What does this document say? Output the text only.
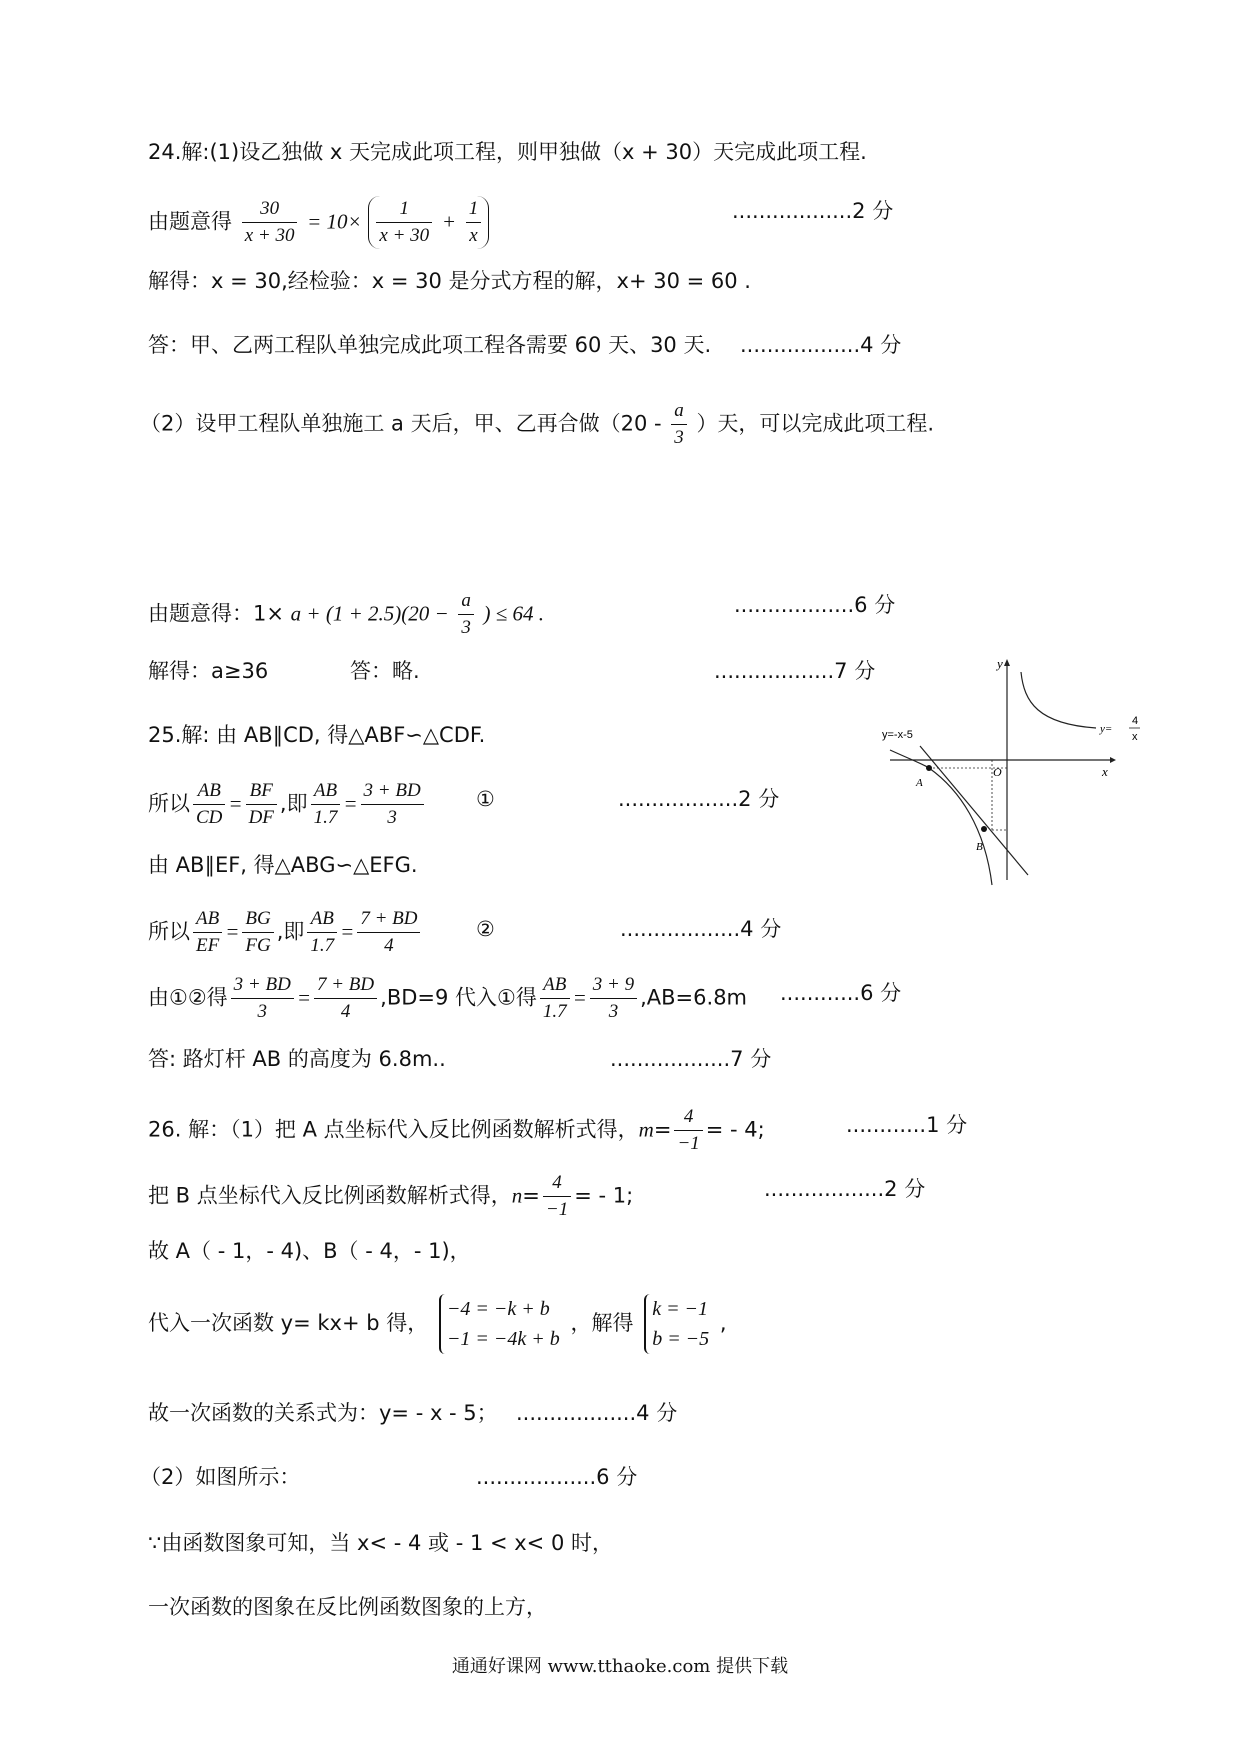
24.解:(1)设乙独做 x 天完成此项工程，则甲独做（x + 30）天完成此项工程.
由题意得 $\frac{30}{x + 30} = 10\times \frac{1}{x + 30} + \frac{1}{x}$	..................2 分
解得：x = 30,经检验：x = 30 是分式方程的解，x+ 30 = 60 .
答：甲、乙两工程队单独完成此项工程各需要 60 天、30 天. ..................4 分
（2）设甲工程队单独施工 a 天后，甲、乙再合做（$20 - \frac{a}{3}$ ）天，可以完成此项工程.
由题意得：$1\times a + (1 + 2.5)(20 - \frac{a}{3}$ ) ≤ 64 .	..................6 分
解得：a≥36	答：略.	..................7 分
25.解: 由 AB∥CD, 得△ABF∽△CDF.
所以 $\frac{AB}{CD} = \frac{BF}{DF}$ ,即 $\frac{AB}{1.7} = \frac{3 + BD}{3}$ ①	..................2 分
由 AB∥EF, 得△ABG∽△EFG.
所以 $\frac{AB}{EF} = \frac{BG}{FG}$ ,即 $\frac{AB}{1.7} = \frac{7 + BD}{4}$	②	..................4 分
由①②得 $\frac{3 + BD}{3} = \frac{7 + BD}{4} ,BD=9$ 代入①得 $\frac{AB}{1.7} = \frac{3 + 9}{3} ,AB=6.8m$ ............6 分
答: 路灯杆 AB 的高度为 6.8m..	..................7 分
26. 解：（1）把 A 点坐标代入反比例函数解析式得，$m= \frac{4}{-1}$ = - 4;	............1 分
把 B 点坐标代入反比例函数解析式得，$n= \frac{4}{-1}$ = - 1;	..................2 分
故 A（ - 1，- 4)、B（ - 4，- 1)，
代入一次函数 y= kx+ b 得，
−4 = −k + b
−1 = −4k + b
，解得
k = −1
b = −5
,
故一次函数的关系式为：y= - x - 5； ..................4 分
（2）如图所示：	..................6 分
∵由函数图象可知，当 x< - 4 或 - 1 < x< 0 时，
一次函数的图象在反比例函数图象的上方，
y
x
O
A
B
y=-x-5	y=
4
x
通通好课网 www.tthaoke.com 提供下载
